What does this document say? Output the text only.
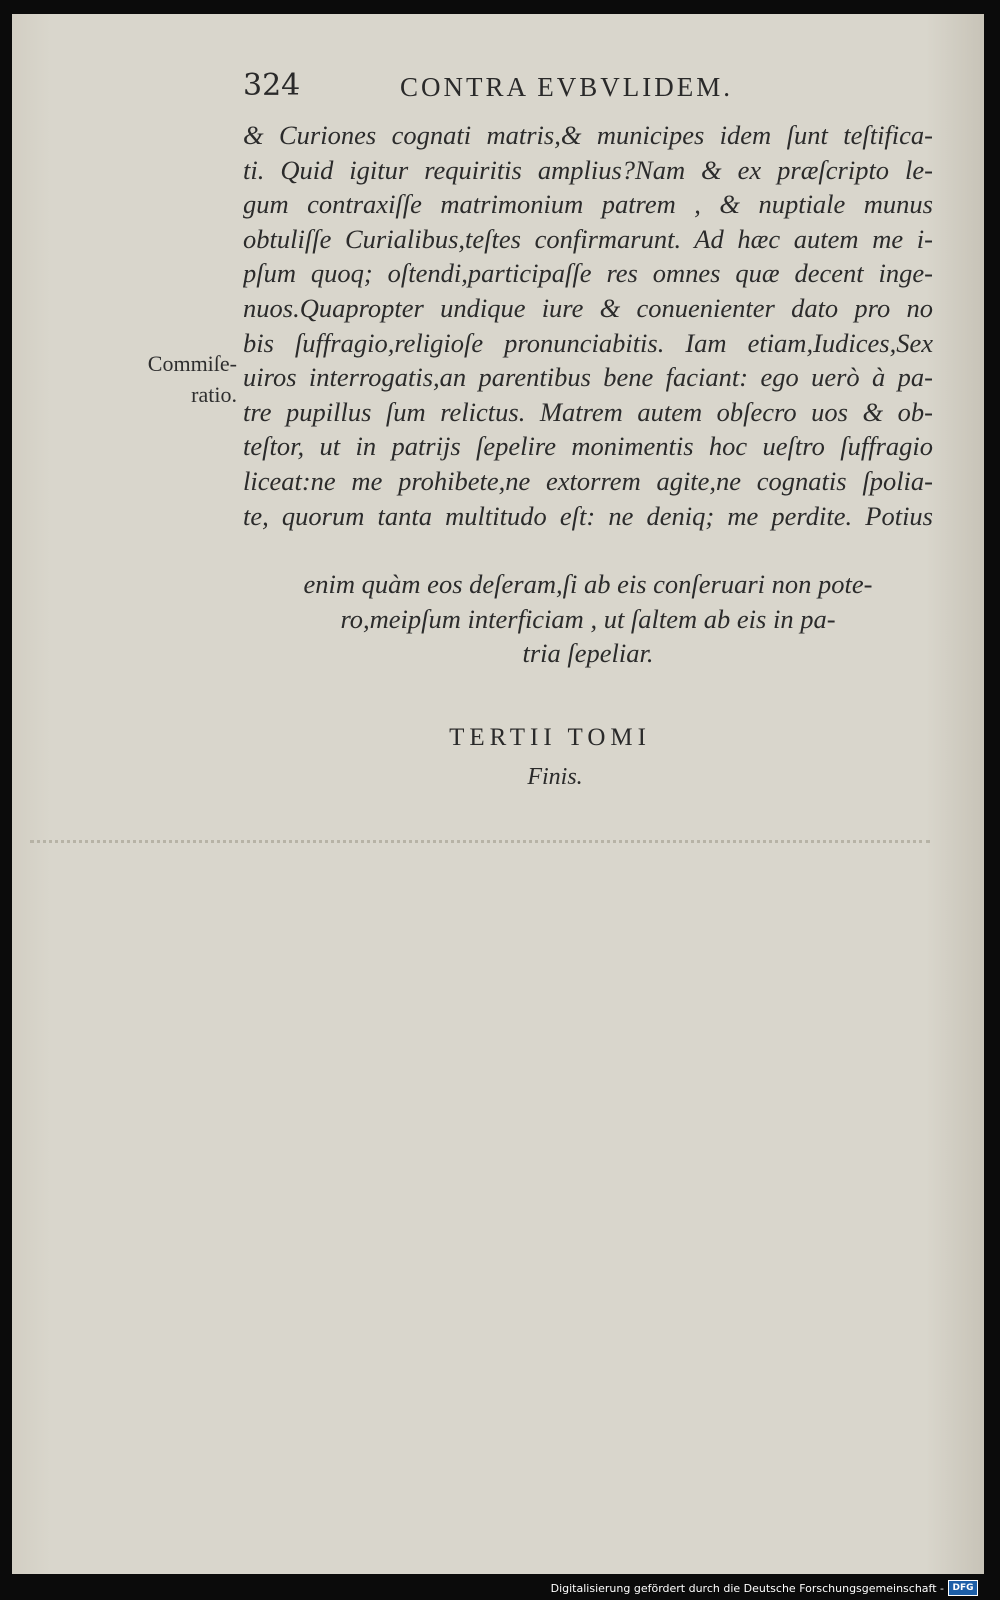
324	CONTRA EVBVLIDEM.
Commiſe-
ratio.
& Curiones cognati matris,& municipes idem ſunt teſtifica-
ti. Quid igitur requiritis amplius?Nam & ex præſcripto le-
gum contraxiſſe matrimonium patrem , & nuptiale munus
obtuliſſe Curialibus,teſtes confirmarunt. Ad hæc autem me i-
pſum quoq; oſtendi,participaſſe res omnes quæ decent inge-
nuos.Quapropter undique iure & conuenienter dato pro no
bis ſuffragio,religioſe pronunciabitis. Iam etiam,Iudices,Sex
uiros interrogatis,an parentibus bene faciant: ego uerò à pa-
tre pupillus ſum relictus. Matrem autem obſecro uos & ob-
teſtor, ut in patrijs ſepelire monimentis hoc ueſtro ſuffragio
liceat:ne me prohibete,ne extorrem agite,ne cognatis ſpolia-
te, quorum tanta multitudo eſt: ne deniq; me perdite. Potius
enim quàm eos deſeram,ſi ab eis conſeruari non pote-
ro,meipſum interficiam , ut ſaltem ab eis in pa-
tria ſepeliar.
TERTII TOMI
Finis.
Digitalisierung gefördert durch die Deutsche Forschungsgemeinschaft - DFG
